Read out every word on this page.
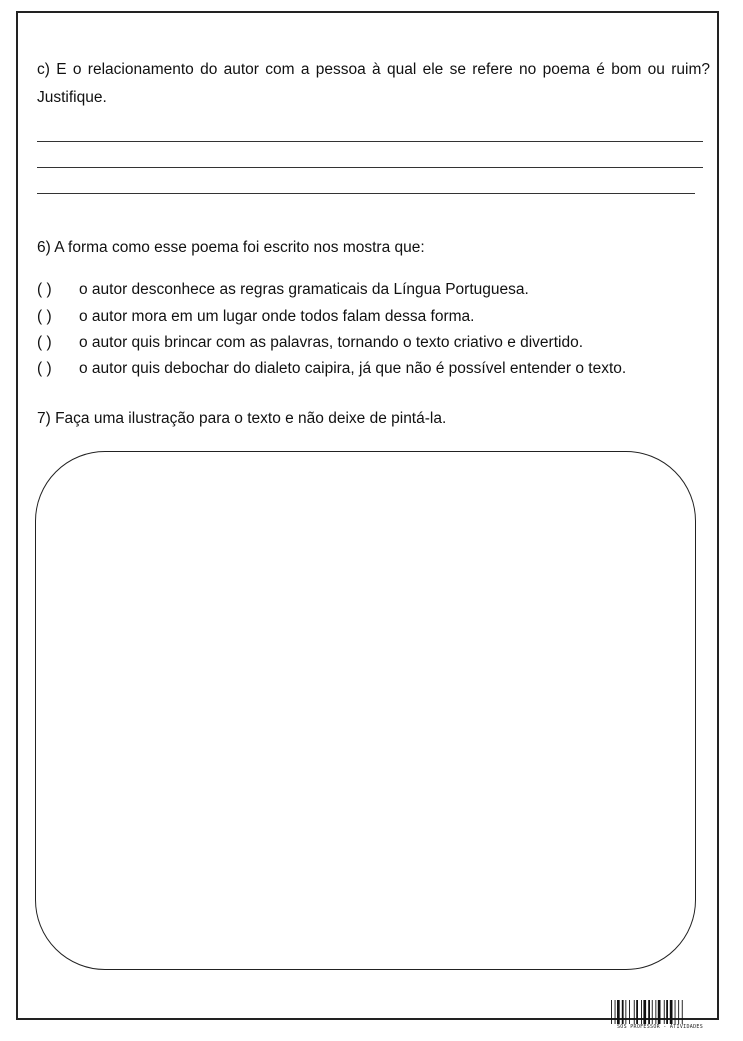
c) E o relacionamento do autor com a pessoa à qual ele se refere no poema é bom ou ruim? Justifique.

6) A forma como esse poema foi escrito nos mostra que:

( ) o autor desconhece as regras gramaticais da Língua Portuguesa.
( ) o autor mora em um lugar onde todos falam dessa forma.
( ) o autor quis brincar com as palavras, tornando o texto criativo e divertido.
( ) o autor quis debochar do dialeto caipira, já que não é possível entender o texto.

7) Faça uma ilustração para o texto e não deixe de pintá-la.

SOS PROFESSOR - ATIVIDADES
